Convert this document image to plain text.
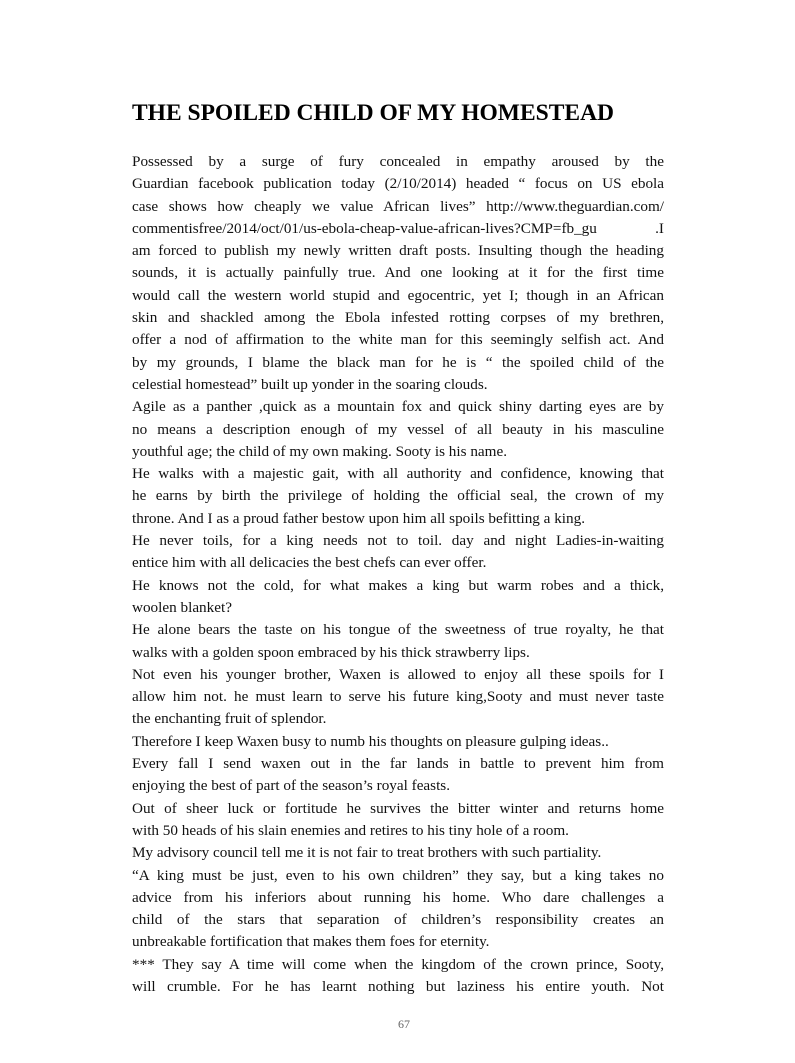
THE SPOILED CHILD OF MY HOMESTEAD
Possessed by a surge of fury concealed in empathy aroused by the
Guardian facebook publication today (2/10/2014) headed “ focus on US ebola
case shows how cheaply we value African lives” http://www.theguardian.com/
commentisfree/2014/oct/01/us-ebola-cheap-value-african-lives?CMP=fb_gu .I
am forced to publish my newly written draft posts. Insulting though the heading
sounds, it is actually painfully true. And one looking at it for the first time
would call the western world stupid and egocentric, yet I; though in an African
skin and shackled among the Ebola infested rotting corpses of my brethren,
offer a nod of affirmation to the white man for this seemingly selfish act. And
by my grounds, I blame the black man for he is “ the spoiled child of the
celestial homestead” built up yonder in the soaring clouds.
Agile as a panther ,quick as a mountain fox and quick shiny darting eyes are by
no means a description enough of my vessel of all beauty in his masculine
youthful age; the child of my own making. Sooty is his name.
He walks with a majestic gait, with all authority and confidence, knowing that
he earns by birth the privilege of holding the official seal, the crown of my
throne. And I as a proud father bestow upon him all spoils befitting a king.
He never toils, for a king needs not to toil. day and night Ladies-in-waiting
entice him with all delicacies the best chefs can ever offer.
He knows not the cold, for what makes a king but warm robes and a thick,
woolen blanket?
He alone bears the taste on his tongue of the sweetness of true royalty, he that
walks with a golden spoon embraced by his thick strawberry lips.
Not even his younger brother, Waxen is allowed to enjoy all these spoils for I
allow him not. he must learn to serve his future king,Sooty and must never taste
the enchanting fruit of splendor.
Therefore I keep Waxen busy to numb his thoughts on pleasure gulping ideas..
Every fall I send waxen out in the far lands in battle to prevent him from
enjoying the best of part of the season’s royal feasts.
Out of sheer luck or fortitude he survives the bitter winter and returns home
with 50 heads of his slain enemies and retires to his tiny hole of a room.
My advisory council tell me it is not fair to treat brothers with such partiality.
“A king must be just, even to his own children” they say, but a king takes no
advice from his inferiors about running his home. Who dare challenges a
child of the stars that separation of children’s responsibility creates an
unbreakable fortification that makes them foes for eternity.
*** They say A time will come when the kingdom of the crown prince, Sooty,
will crumble. For he has learnt nothing but laziness his entire youth. Not
67
